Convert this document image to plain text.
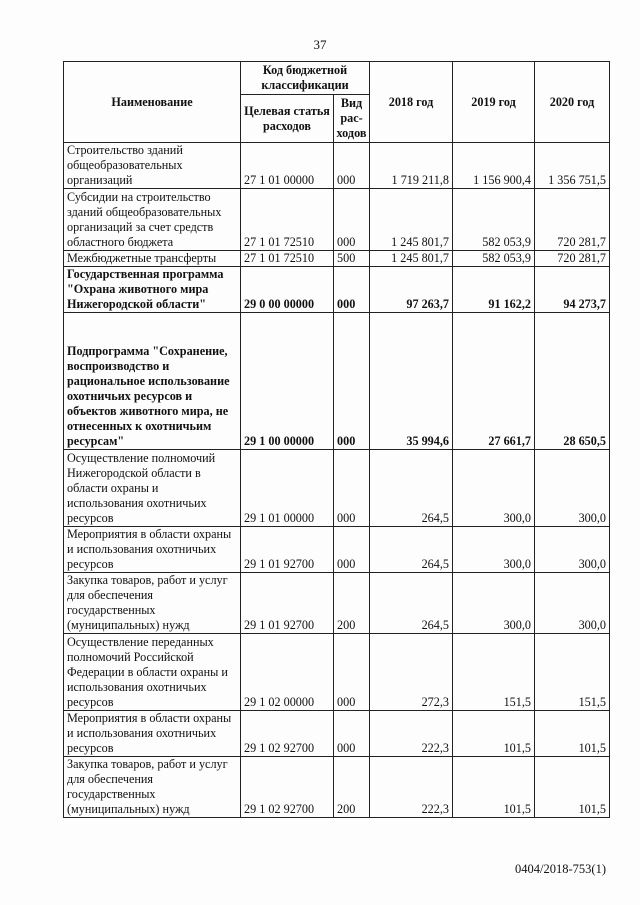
37
Наименование	Код бюджетной классификации		2018 год	2019 год	2020 год
	Целевая статья расходов	Вид рас-ходов			
Строительство зданий общеобразовательных организаций	27 1 01 00000	000	1 719 211,8	1 156 900,4	1 356 751,5
Субсидии на строительство зданий общеобразовательных организаций за счет средств областного бюджета	27 1 01 72510	000	1 245 801,7	582 053,9	720 281,7
Межбюджетные трансферты	27 1 01 72510	500	1 245 801,7	582 053,9	720 281,7
Государственная программа "Охрана животного мира Нижегородской области"	29 0 00 00000	000	97 263,7	91 162,2	94 273,7
Подпрограмма "Сохранение, воспроизводство и рациональное использование охотничьих ресурсов и объектов животного мира, не отнесенных к охотничьим ресурсам"	29 1 00 00000	000	35 994,6	27 661,7	28 650,5
Осуществление полномочий Нижегородской области в области охраны и использования охотничьих ресурсов	29 1 01 00000	000	264,5	300,0	300,0
Мероприятия в области охраны и использования охотничьих ресурсов	29 1 01 92700	000	264,5	300,0	300,0
Закупка товаров, работ и услуг для обеспечения государственных (муниципальных) нужд	29 1 01 92700	200	264,5	300,0	300,0
Осуществление переданных полномочий Российской Федерации в области охраны и использования охотничьих ресурсов	29 1 02 00000	000	272,3	151,5	151,5
Мероприятия в области охраны и использования охотничьих ресурсов	29 1 02 92700	000	222,3	101,5	101,5
Закупка товаров, работ и услуг для обеспечения государственных (муниципальных) нужд	29 1 02 92700	200	222,3	101,5	101,5
0404/2018-753(1)
